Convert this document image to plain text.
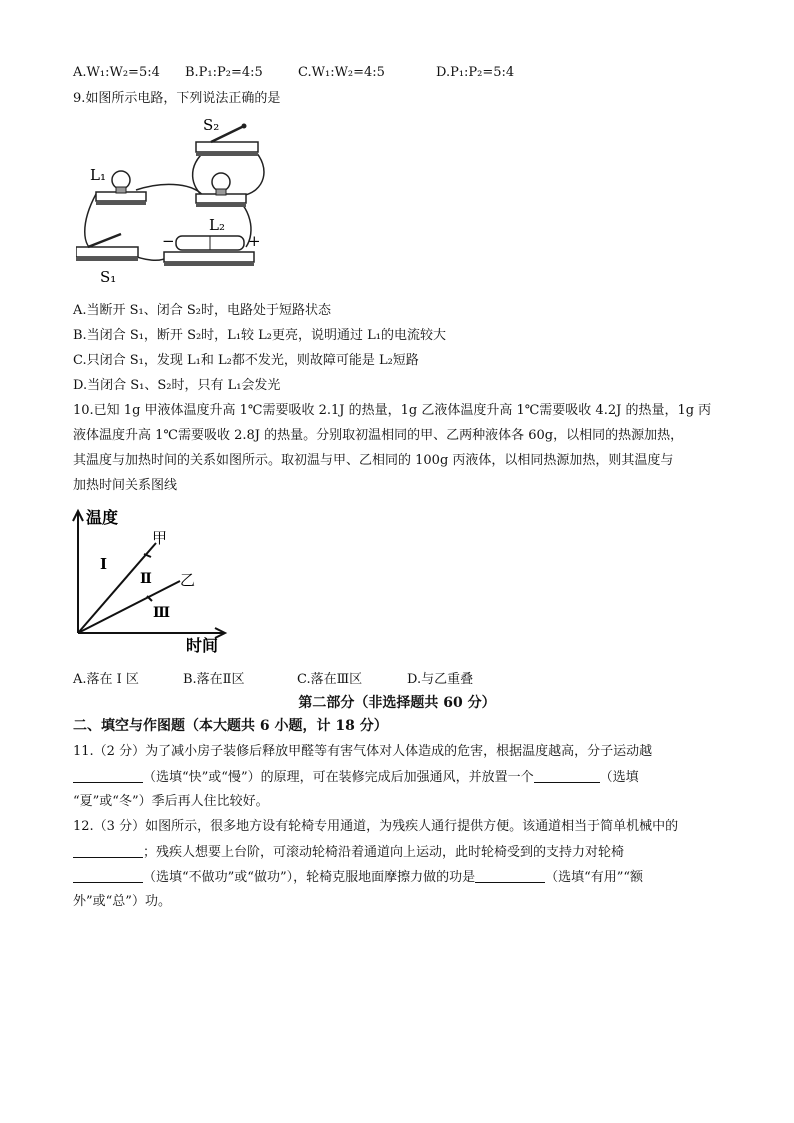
A.W₁:W₂=5:4 B.P₁:P₂=4:5	C.W₁:W₂=4:5	D.P₁:P₂=5:4
9.如图所示电路，下列说法正确的是
S₂
L₁
L₂
S₁
−	+
A.当断开 S₁、闭合 S₂时，电路处于短路状态
B.当闭合 S₁，断开 S₂时，L₁较 L₂更亮，说明通过 L₁的电流较大
C.只闭合 S₁，发现 L₁和 L₂都不发光，则故障可能是 L₂短路
D.当闭合 S₁、S₂时，只有 L₁会发光
10.已知 1g 甲液体温度升高 1℃需要吸收 2.1J 的热量，1g 乙液体温度升高 1℃需要吸收 4.2J 的热量，1g 丙
液体温度升高 1℃需要吸收 2.8J 的热量。分别取初温相同的甲、乙两种液体各 60g，以相同的热源加热，
其温度与加热时间的关系如图所示。取初温与甲、乙相同的 100g 丙液体，以相同热源加热，则其温度与
加热时间关系图线
温度
时间
甲
乙
I
Ⅱ
Ⅲ
A.落在 I 区	B.落在Ⅱ区	C.落在Ⅲ区	D.与乙重叠
第二部分（非选择题共 60 分）
二、填空与作图题（本大题共 6 小题，计 18 分）
11.（2 分）为了减小房子装修后释放甲醛等有害气体对人体造成的危害，根据温度越高，分子运动越
（选填“快”或“慢”）的原理，可在装修完成后加强通风，并放置一个	（选填
“夏”或“冬”）季后再人住比较好。
12.（3 分）如图所示，很多地方设有轮椅专用通道，为残疾人通行提供方便。该通道相当于简单机械中的
；残疾人想要上台阶，可滚动轮椅沿着通道向上运动，此时轮椅受到的支持力对轮椅
（选填“不做功”或“做功”），轮椅克服地面摩擦力做的功是	（选填“有用”“额
外”或“总”）功。
